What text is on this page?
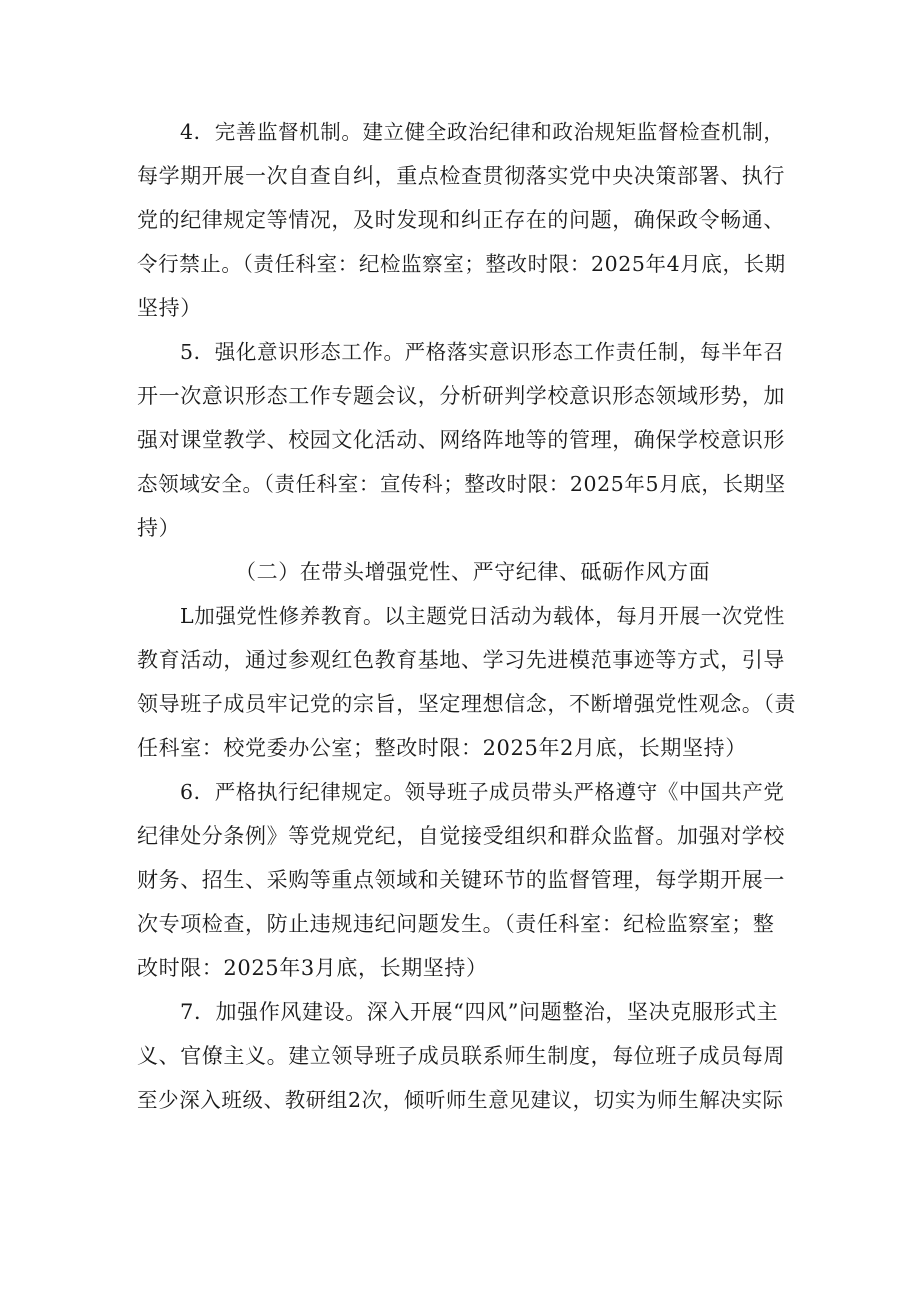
4．完善监督机制。建立健全政治纪律和政治规矩监督检查机制，
每学期开展一次自查自纠，重点检查贯彻落实党中央决策部署、执行
党的纪律规定等情况，及时发现和纠正存在的问题，确保政令畅通、
令行禁止。（责任科室：纪检监察室；整改时限：2025年4月底，长期
坚持）
5．强化意识形态工作。严格落实意识形态工作责任制，每半年召
开一次意识形态工作专题会议，分析研判学校意识形态领域形势，加
强对课堂教学、校园文化活动、网络阵地等的管理，确保学校意识形
态领域安全。（责任科室：宣传科；整改时限：2025年5月底，长期坚
持）
（二）在带头增强党性、严守纪律、砥砺作风方面
L加强党性修养教育。以主题党日活动为载体，每月开展一次党性
教育活动，通过参观红色教育基地、学习先进模范事迹等方式，引导
领导班子成员牢记党的宗旨，坚定理想信念，不断增强党性观念。（责
任科室：校党委办公室；整改时限：2025年2月底，长期坚持）
6．严格执行纪律规定。领导班子成员带头严格遵守《中国共产党
纪律处分条例》等党规党纪，自觉接受组织和群众监督。加强对学校
财务、招生、采购等重点领域和关键环节的监督管理，每学期开展一
次专项检查，防止违规违纪问题发生。（责任科室：纪检监察室；整
改时限：2025年3月底，长期坚持）
7．加强作风建设。深入开展“四风”问题整治，坚决克服形式主
义、官僚主义。建立领导班子成员联系师生制度，每位班子成员每周
至少深入班级、教研组2次，倾听师生意见建议，切实为师生解决实际
